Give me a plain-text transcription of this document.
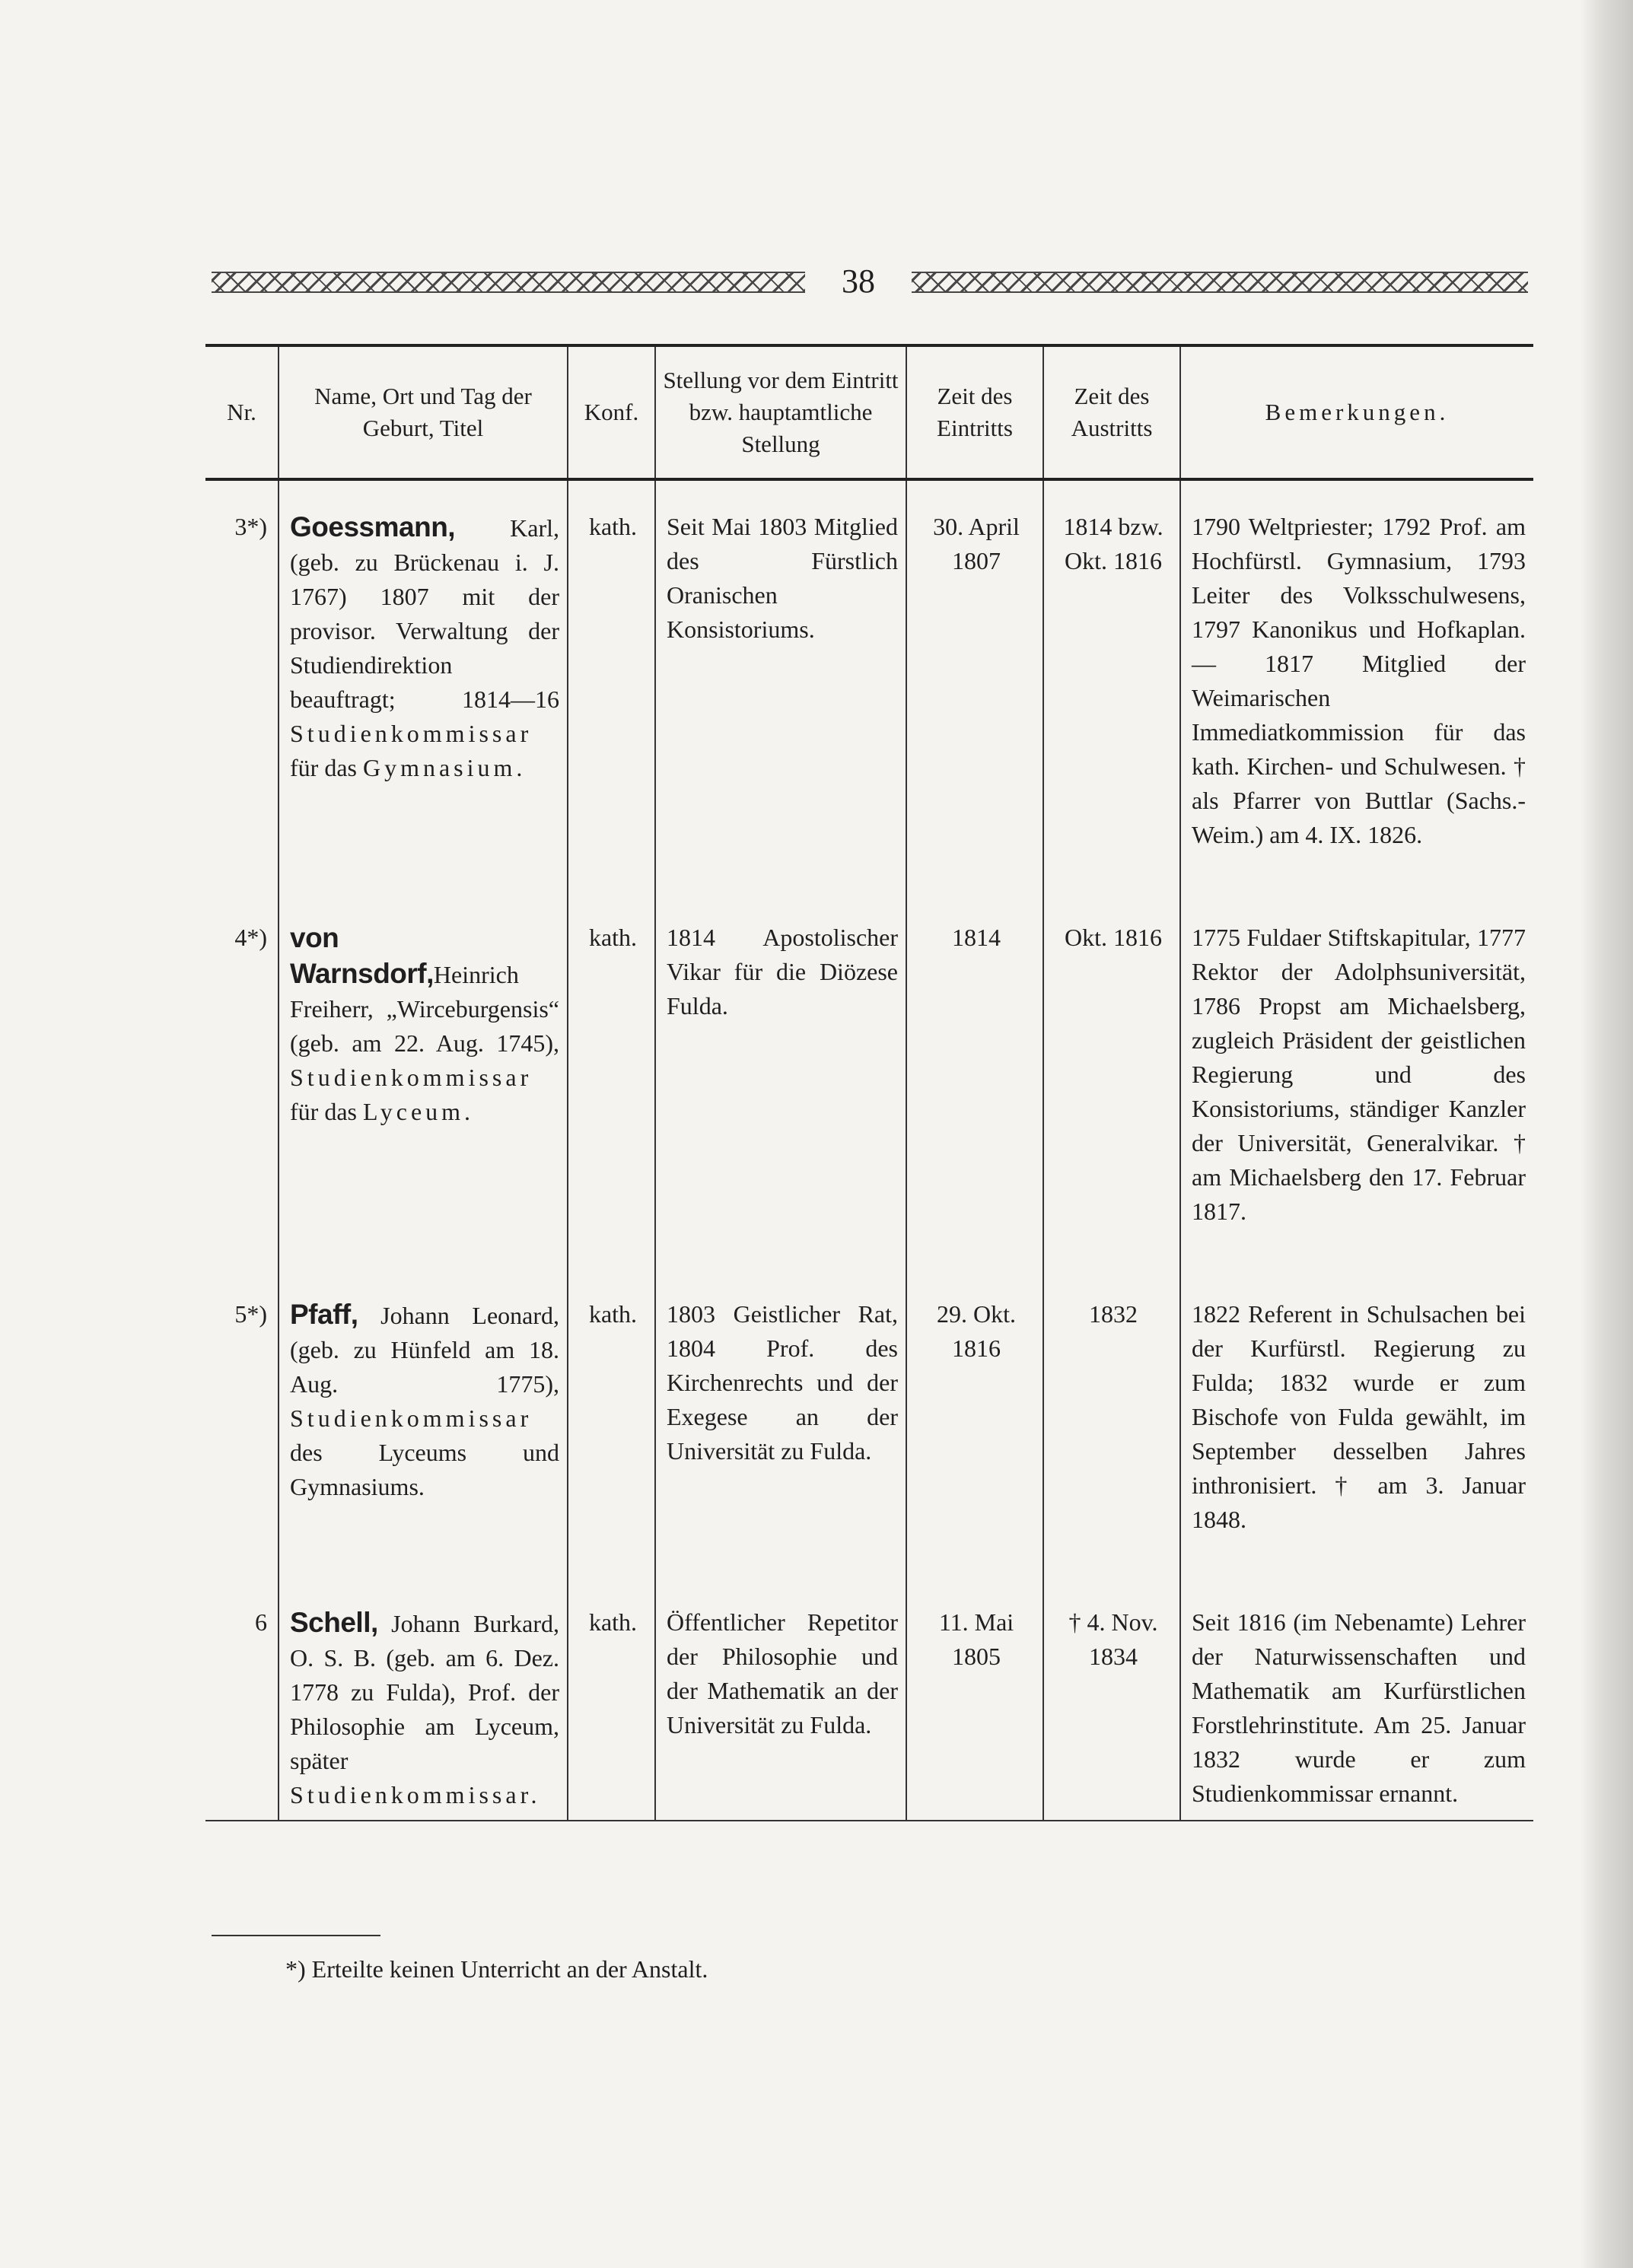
38
Nr.	Name, Ort und Tag der Geburt, Titel	Konf.	Stellung vor dem Eintritt bzw. hauptamtliche Stellung	Zeit des Eintritts	Zeit des Austritts	Bemerkungen.

3*)	Goessmann, Karl, (geb. zu Brückenau i. J. 1767) 1807 mit der provisor. Verwaltung der Studiendirektion beauftragt; 1814—16 Studienkommissar für das Gymnasium.	kath.	Seit Mai 1803 Mitglied des Fürstlich Oranischen Konsistoriums.	30. April 1807	1814 bzw. Okt. 1816	1790 Weltpriester; 1792 Prof. am Hochfürstl. Gymnasium, 1793 Leiter des Volksschulwesens, 1797 Kanonikus und Hofkaplan. — 1817 Mitglied der Weimarischen Immediatkommission für das kath. Kirchen- und Schulwesen. † als Pfarrer von Buttlar (Sachs.-Weim.) am 4. IX. 1826.
4*)	von Warnsdorf,Heinrich Freiherr, „Wirceburgensis“ (geb. am 22. Aug. 1745), Studienkommissar für das Lyceum.	kath.	1814 Apostolischer Vikar für die Diözese Fulda.	1814	Okt. 1816	1775 Fuldaer Stiftskapitular, 1777 Rektor der Adolphsuniversität, 1786 Propst am Michaelsberg, zugleich Präsident der geistlichen Regierung und des Konsistoriums, ständiger Kanzler der Universität, Generalvikar. † am Michaelsberg den 17. Februar 1817.
5*)	Pfaff, Johann Leonard, (geb. zu Hünfeld am 18. Aug. 1775), Studienkommissar des Lyceums und Gymnasiums.	kath.	1803 Geistlicher Rat, 1804 Prof. des Kirchenrechts und der Exegese an der Universität zu Fulda.	29. Okt. 1816	1832	1822 Referent in Schulsachen bei der Kurfürstl. Regierung zu Fulda; 1832 wurde er zum Bischofe von Fulda gewählt, im September desselben Jahres inthronisiert. † am 3. Januar 1848.
6	Schell, Johann Burkard, O. S. B. (geb. am 6. Dez. 1778 zu Fulda), Prof. der Philosophie am Lyceum, später Studienkommissar.	kath.	Öffentlicher Repetitor der Philosophie und der Mathematik an der Universität zu Fulda.	11. Mai 1805	† 4. Nov. 1834	Seit 1816 (im Nebenamte) Lehrer der Naturwissenschaften und Mathematik am Kurfürstlichen Forstlehrinstitute. Am 25. Januar 1832 wurde er zum Studienkommissar ernannt.
*) Erteilte keinen Unterricht an der Anstalt.
